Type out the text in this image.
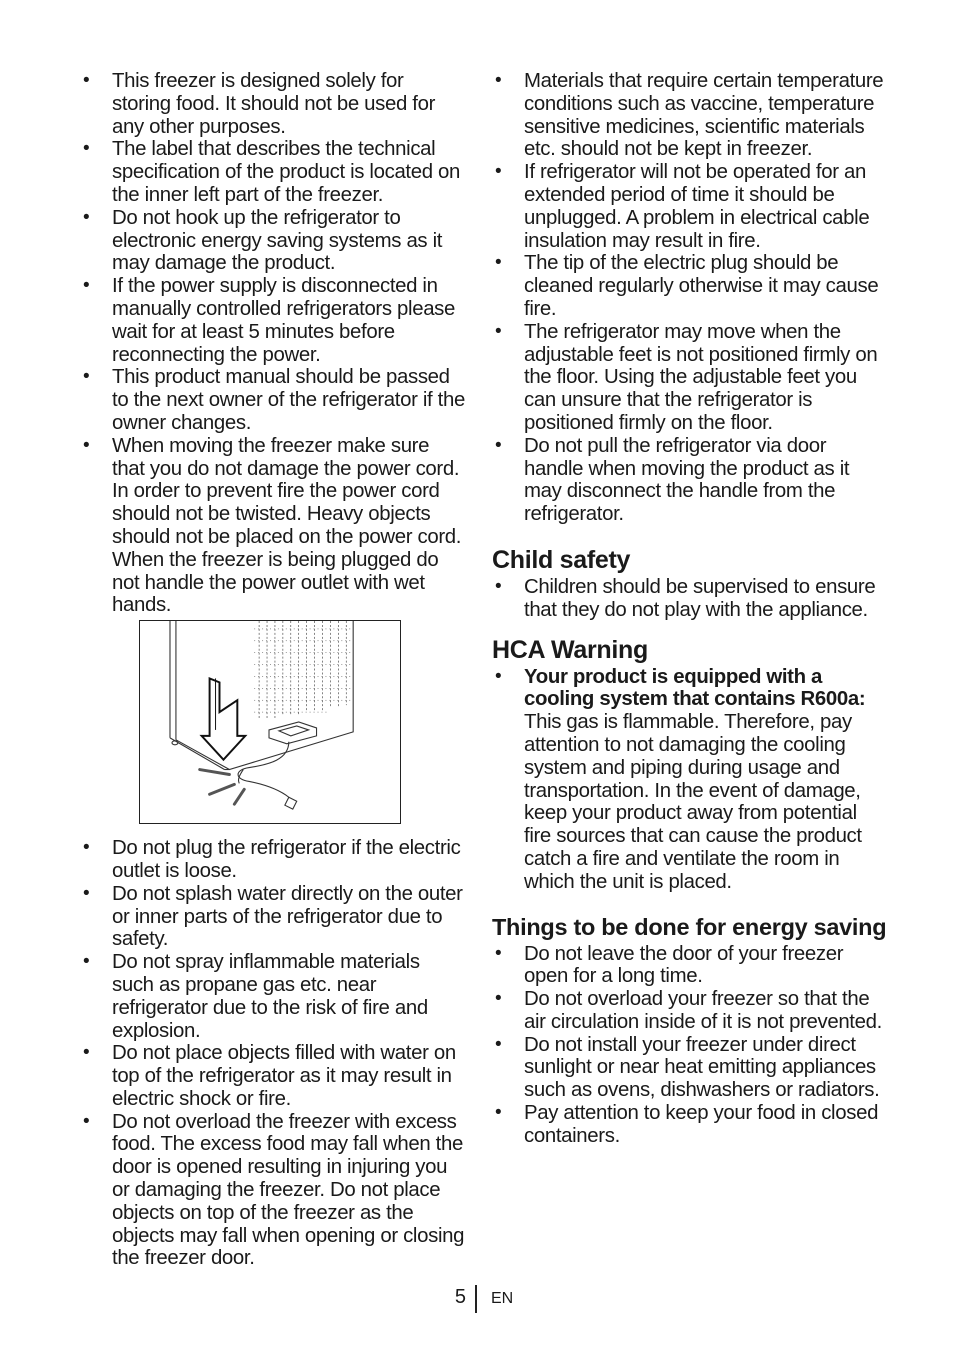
• This freezer is designed solely for storing food. It should not be used for any other purposes.
• The label that describes the technical specification of the product is located on the inner left part of the freezer.
• Do not hook up the refrigerator to electronic energy saving systems as it may damage the product.
• If the power supply is disconnected in manually controlled refrigerators please wait for at least 5 minutes before reconnecting the power.
• This product manual should be passed to the next owner of the refrigerator if the owner changes.
• When moving the freezer make sure that you do not damage the power cord. In order to prevent fire the power cord should not be twisted. Heavy objects should not be placed on the power cord. When the freezer is being plugged do not handle the power outlet with wet hands.
• Do not plug the refrigerator if the electric outlet is loose.
• Do not splash water directly on the outer or inner parts of the refrigerator due to safety.
• Do not spray inflammable materials such as propane gas etc. near refrigerator due to the risk of fire and explosion.
• Do not place objects filled with water on top of the refrigerator as it may result in electric shock or fire.
• Do not overload the freezer with excess food. The excess food may fall when the door is opened resulting in injuring you or damaging the freezer. Do not place objects on top of the freezer as the objects may fall when opening or closing the freezer door.
• Materials that require certain temperature conditions such as vaccine, temperature sensitive medicines, scientific materials etc. should not be kept in freezer.
• If refrigerator will not be operated for an extended period of time it should be unplugged. A problem in electrical cable insulation may result in fire.
• The tip of the electric plug should be cleaned regularly otherwise it may cause fire.
• The refrigerator may move when the adjustable feet is not positioned firmly on the floor. Using the adjustable feet you can unsure that the refrigerator is positioned firmly on the floor.
• Do not pull the refrigerator via door handle when moving the product as it may disconnect the handle from the refrigerator.
Child safety
• Children should be supervised to ensure that they do not play with the appliance.
HCA Warning
• Your product is equipped with a cooling system that contains R600a:
This gas is flammable. Therefore, pay attention to not damaging the cooling system and piping during usage and transportation. In the event of damage, keep your product away from potential fire sources that can cause the product catch a fire and ventilate the room in which the unit is placed.
Things to be done for energy saving
• Do not leave the door of your freezer open for a long time.
• Do not overload your freezer so that the air circulation inside of it is not prevented.
• Do not install your freezer under direct sunlight or near heat emitting appliances such as ovens, dishwashers or radiators.
• Pay attention to keep your food in closed containers.
5 EN
